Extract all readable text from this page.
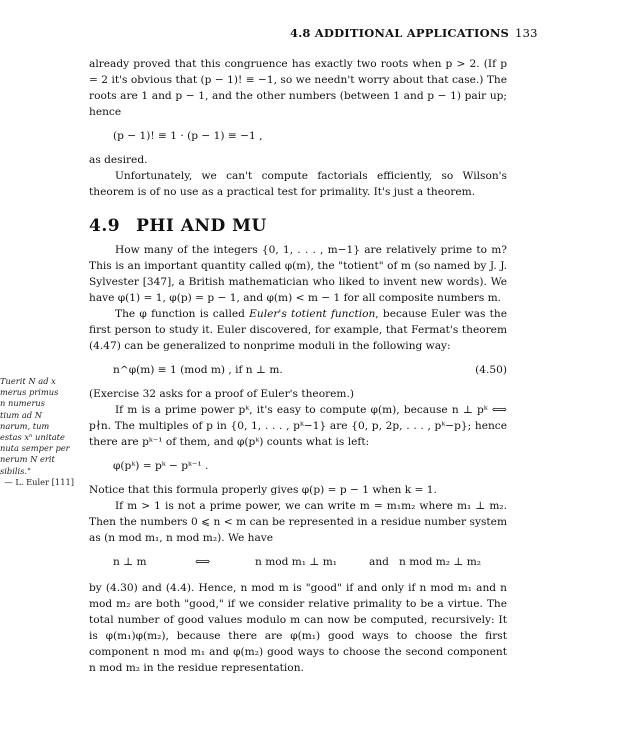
4.8 ADDITIONAL APPLICATIONS 133
Tuerit N ad x
merus primus
n numerus
tium ad N
narum, tum
estas xⁿ unitate
nuta semper per
nerum N erit
sibilis."
— L. Euler [111]

already proved that this congruence has exactly two roots when p > 2. (If p = 2 it's obvious that (p − 1)! ≡ −1, so we needn't worry about that case.) The roots are 1 and p − 1, and the other numbers (between 1 and p − 1) pair up; hence

(p − 1)! ≡ 1 · (p − 1) ≡ −1 ,

as desired.

Unfortunately, we can't compute factorials efficiently, so Wilson's theorem is of no use as a practical test for primality. It's just a theorem.

4.9 PHI AND MU

How many of the integers {0, 1, . . . , m−1} are relatively prime to m? This is an important quantity called φ(m), the "totient" of m (so named by J. J. Sylvester [347], a British mathematician who liked to invent new words). We have φ(1) = 1, φ(p) = p − 1, and φ(m) < m − 1 for all composite numbers m.

The φ function is called Euler's totient function, because Euler was the first person to study it. Euler discovered, for example, that Fermat's theorem (4.47) can be generalized to nonprime moduli in the following way:

n^φ(m) ≡ 1 (mod m) , if n ⊥ m.	(4.50)

(Exercise 32 asks for a proof of Euler's theorem.)

If m is a prime power pᵏ, it's easy to compute φ(m), because n ⊥ pᵏ ⟺ p∤n. The multiples of p in {0, 1, . . . , pᵏ−1} are {0, p, 2p, . . . , pᵏ−p}; hence there are pᵏ⁻¹ of them, and φ(pᵏ) counts what is left:

φ(pᵏ) = pᵏ − pᵏ⁻¹ .

Notice that this formula properly gives φ(p) = p − 1 when k = 1.

If m > 1 is not a prime power, we can write m = m₁m₂ where m₁ ⊥ m₂. Then the numbers 0 ⩽ n < m can be represented in a residue number system as (n mod m₁, n mod m₂). We have

n ⊥ m	⟺	n mod m₁ ⊥ m₁	and n mod m₂ ⊥ m₂

by (4.30) and (4.4). Hence, n mod m is "good" if and only if n mod m₁ and n mod m₂ are both "good," if we consider relative primality to be a virtue. The total number of good values modulo m can now be computed, recursively: It is φ(m₁)φ(m₂), because there are φ(m₁) good ways to choose the first component n mod m₁ and φ(m₂) good ways to choose the second component n mod m₂ in the residue representation.
